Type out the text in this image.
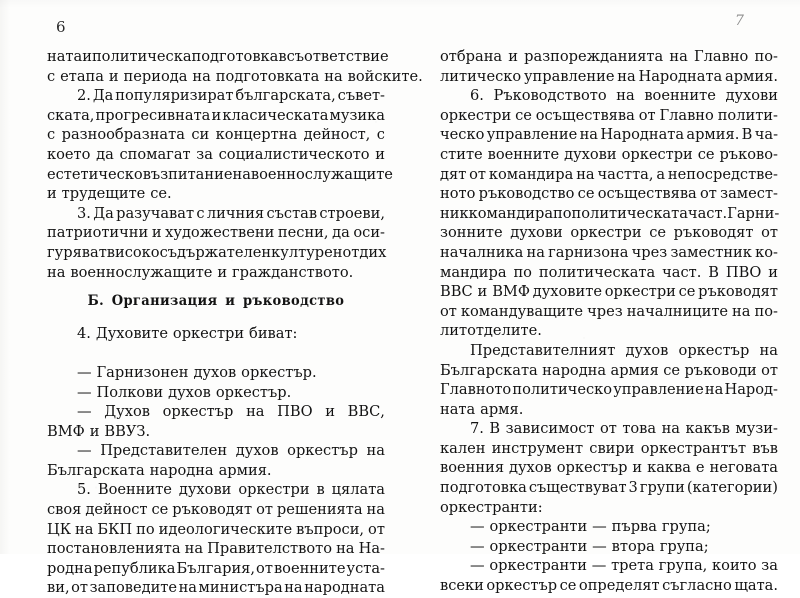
6	7
ната и политическа подготовка в съответствие
с етапа и периода на подготовката на войските.
2. Да популяризират българската, съвет-
ската, прогресивната и класическата музика
с разнообразната си концертна дейност, с
което да спомагат за социалистическото и
естетическо възпитание на военнослужащите
и трудещите се.
3. Да разучават с личния състав строеви,
патриотични и художествени песни, да оси-
гуряват високо съдържателен културен отдих
на военнослужащите и гражданството.
Б. Организация и ръководство
4. Духовите оркестри биват:
— Гарнизонен духов оркестър.
— Полкови духов оркестър.
— Духов оркестър на ПВО и ВВС,
ВМФ и ВВУЗ.
— Представителен духов оркестър на
Българската народна армия.
5. Военните духови оркестри в цялата
своя дейност се ръководят от решенията на
ЦК на БКП по идеологическите въпроси, от
постановленията на Правителството на На-
родна република България, от военните уста-
ви, от заповедите на министъра на народната
отбрана и разпорежданията на Главно по-
литическо управление на Народната армия.
6. Ръководството на военните духови
оркестри се осъществява от Главно полити-
ческо управление на Народната армия. В ча-
стите военните духови оркестри се ръково-
дят от командира на частта, а непосредстве-
ното ръководство се осъществява от замест-
ник командира по политическата част. Гарни-
зонните духови оркестри се ръководят от
началника на гарнизона чрез заместник ко-
мандира по политическата част. В ПВО и
ВВС и ВМФ духовите оркестри се ръководят
от командуващите чрез началниците на по-
литотделите.
Представителният духов оркестър на
Българската народна армия се ръководи от
Главното политическо управление на Народ-
ната армя.
7. В зависимост от това на какъв музи-
кален инструмент свири оркестрантът във
военния духов оркестър и каква е неговата
подготовка съществуват 3 групи (категории)
оркестранти:
— оркестранти — първа група;
— оркестранти — втора група;
— оркестранти — трета група, които за
всеки оркестър се определят съгласно щата.
